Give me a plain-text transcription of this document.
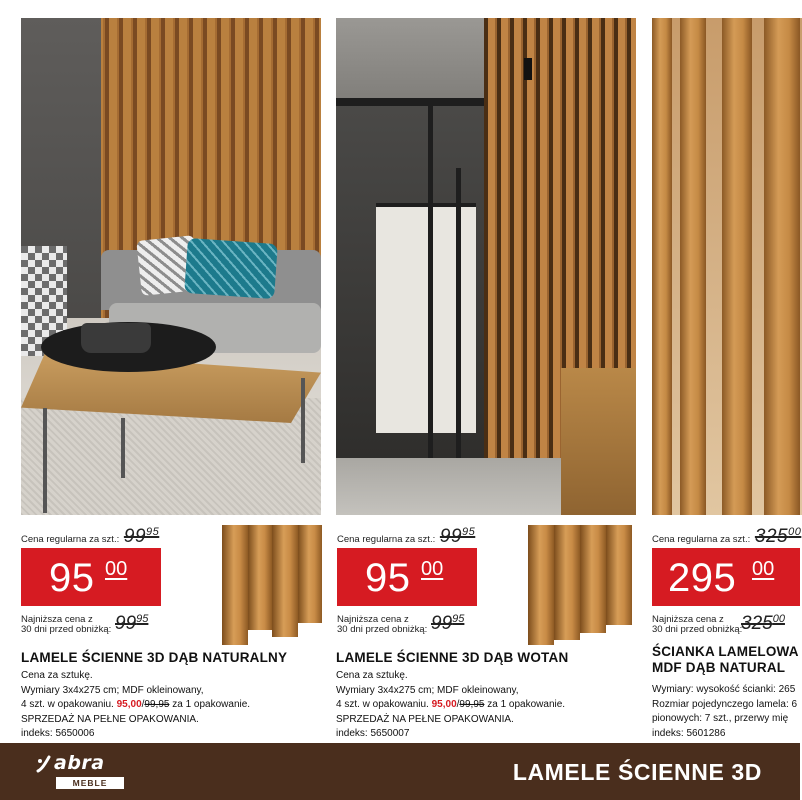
Cena regularna za szt.: $99^{95}$
95 00
Najniższa cena z
30 dni przed obniżką: $99^{95}$
LAMELE ŚCIENNE 3D DĄB NATURALNY
Cena za sztukę.
Wymiary 3x4x275 cm; MDF okleinowany,
4 szt. w opakowaniu. 95,00/99,95 za 1 opakowanie.
SPRZEDAŻ NA PEŁNE OPAKOWANIA.
indeks: 5650006
Cena regularna za szt.: $99^{95}$
95 00
Najniższa cena z
30 dni przed obniżką: $99^{95}$
LAMELE ŚCIENNE 3D DĄB WOTAN
Cena za sztukę.
Wymiary 3x4x275 cm; MDF okleinowany,
4 szt. w opakowaniu. 95,00/99,95 za 1 opakowanie.
SPRZEDAŻ NA PEŁNE OPAKOWANIA.
indeks: 5650007
Cena regularna za szt.: $325^{00}$
295 00
Najniższa cena z
30 dni przed obniżką:
$325^{00}$
ŚCIANKA LAMELOWA
MDF DĄB NATURAL
Wymiary: wysokość ścianki: 265
Rozmiar pojedynczego lamela: 6
pionowych: 7 szt., przerwy mię
indeks: 5601286
abra
MEBLE	LAMELE ŚCIENNE 3D
